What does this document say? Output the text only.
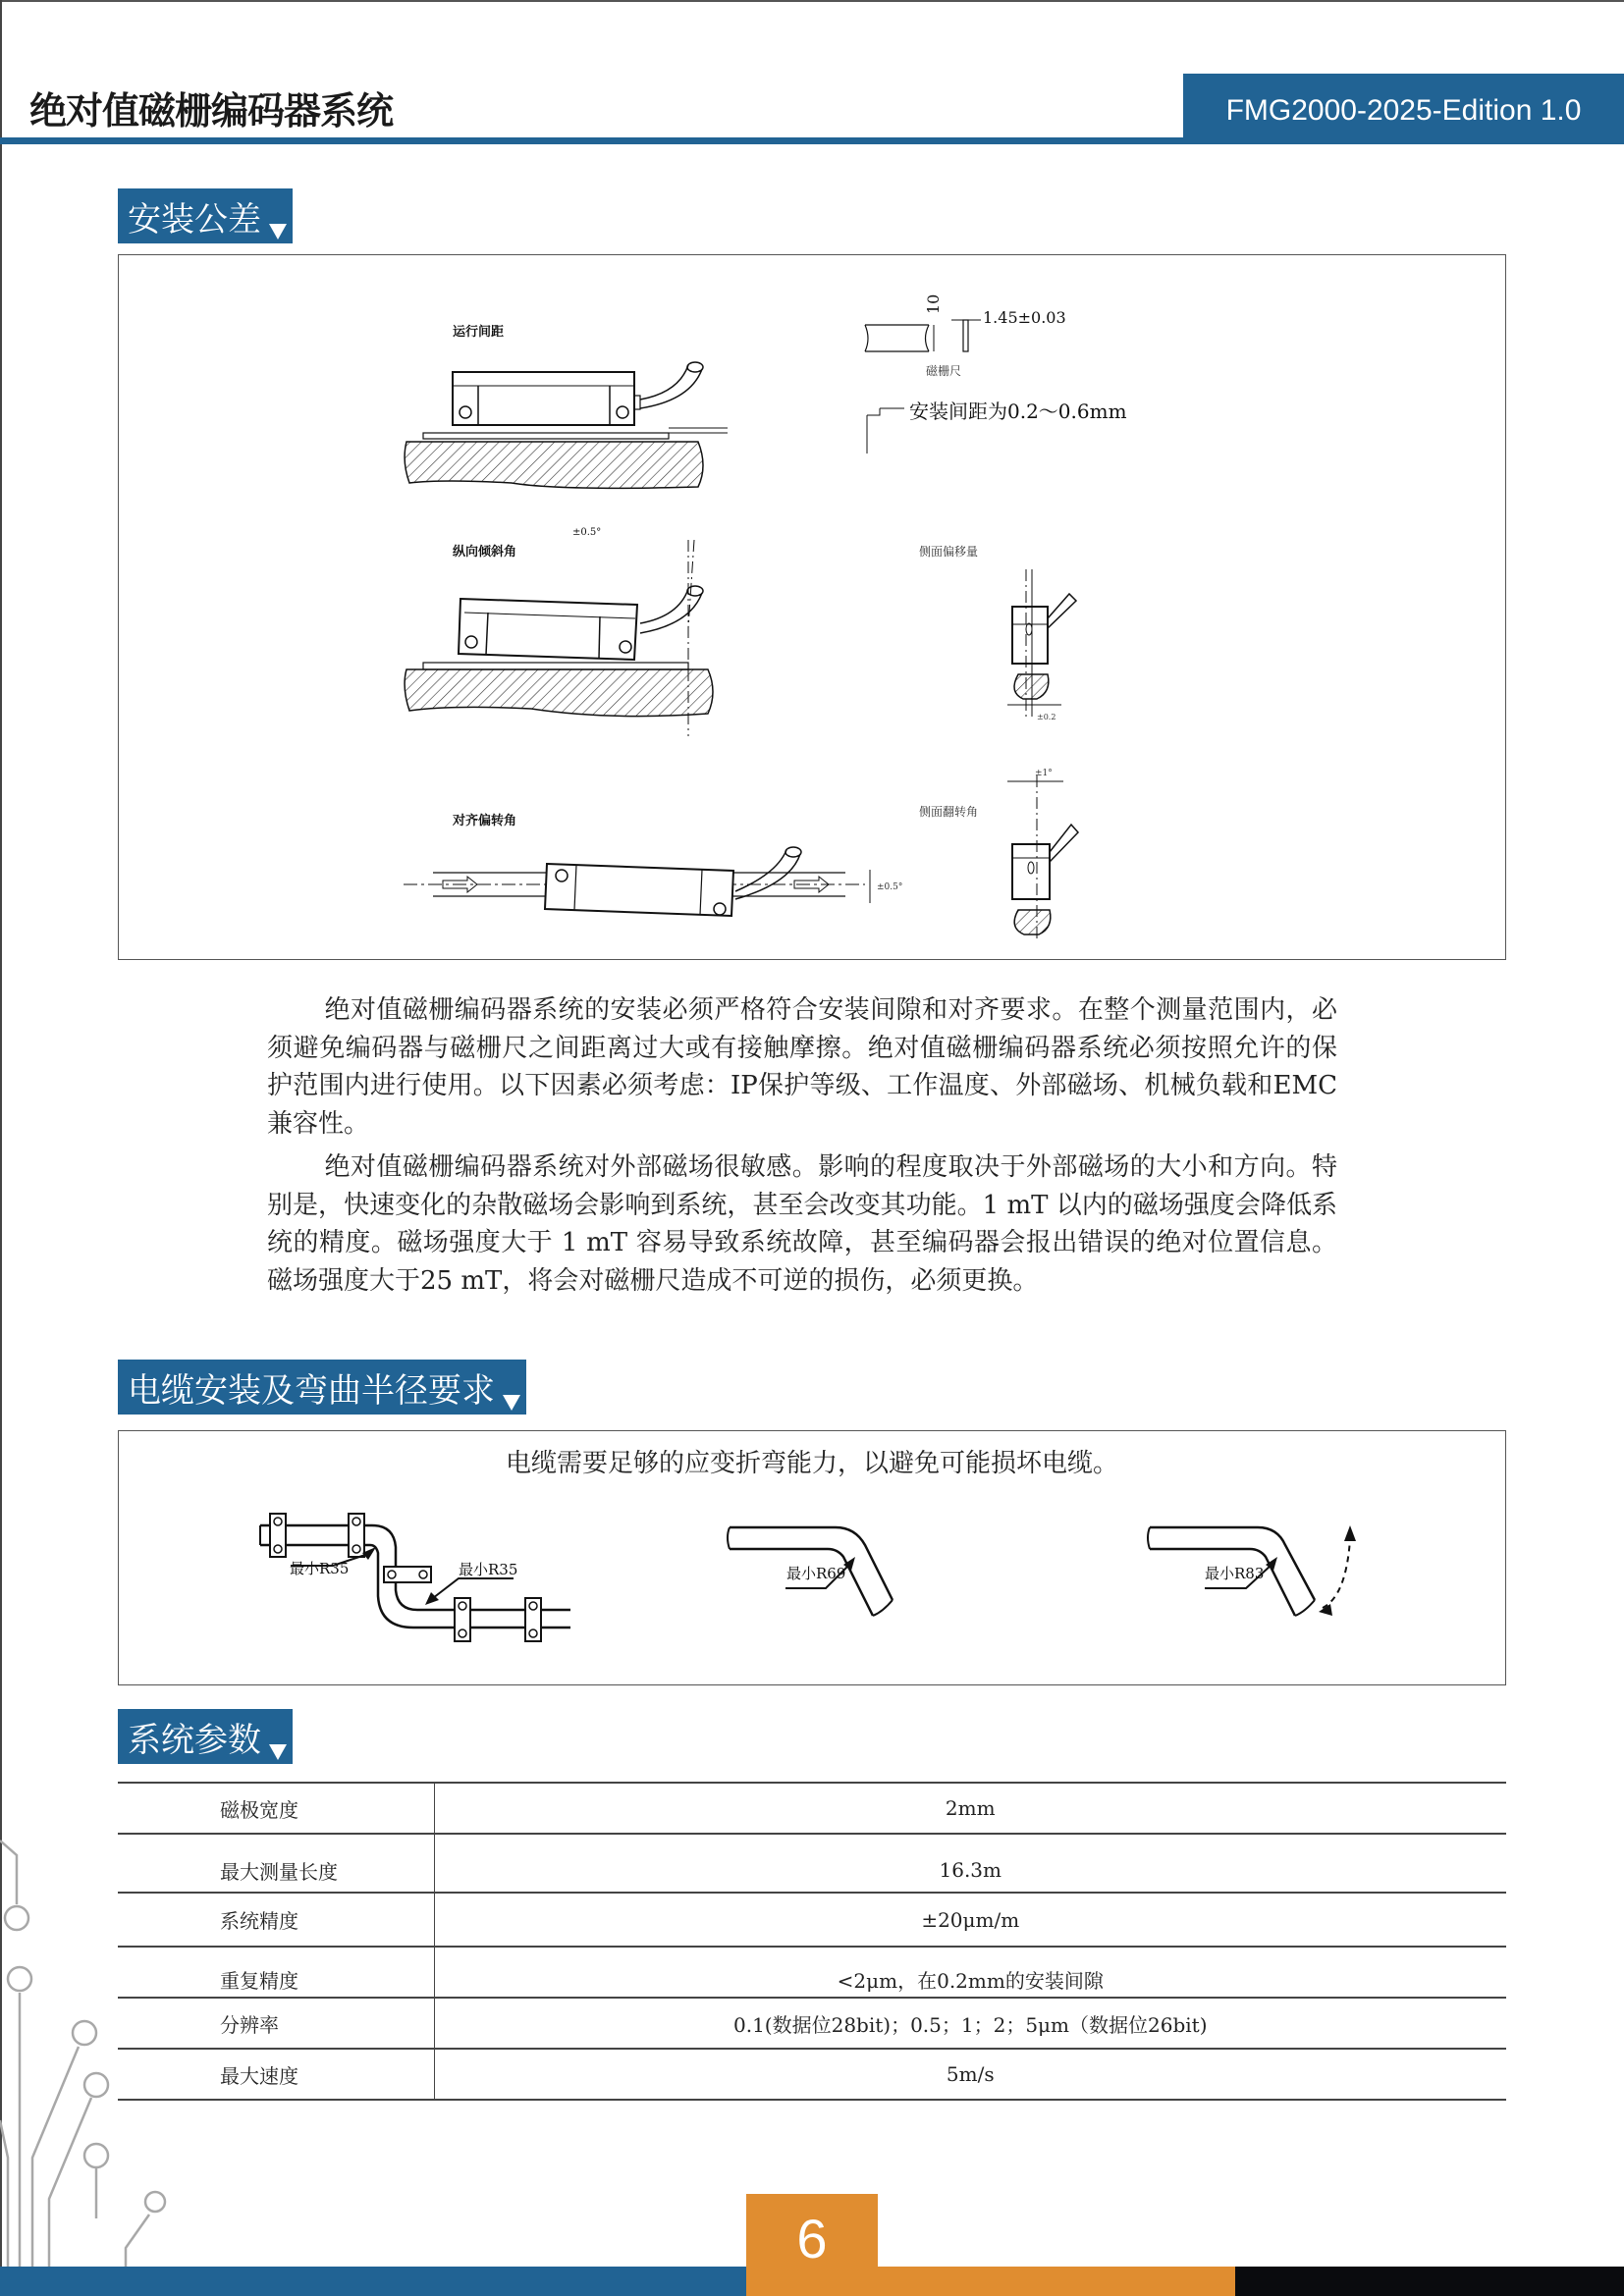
绝对值磁栅编码器系统	FMG2000-2025-Edition 1.0
安装公差
安装间距为0.2～0.6mm
运行间距
10
1.45±0.03
磁栅尺
纵向倾斜角
±0.5°
侧面偏移量
±0.2
对齐偏转角
±0.5°
侧面翻转角
±1°

绝对值磁栅编码器系统的安装必须严格符合安装间隙和对齐要求。在整个测量范围内，必须避免编码器与磁栅尺之间距离过大或有接触摩擦。绝对值磁栅编码器系统必须按照允许的保护范围内进行使用。以下因素必须考虑：IP保护等级、工作温度、外部磁场、机械负载和EMC兼容性。

绝对值磁栅编码器系统对外部磁场很敏感。影响的程度取决于外部磁场的大小和方向。特别是，快速变化的杂散磁场会影响到系统，甚至会改变其功能。1 mT 以内的磁场强度会降低系统的精度。磁场强度大于 1 mT 容易导致系统故障，甚至编码器会报出错误的绝对位置信息。磁场强度大于25 mT，将会对磁栅尺造成不可逆的损伤，必须更换。

电缆安装及弯曲半径要求
电缆需要足够的应变折弯能力，以避免可能损坏电缆。
最小R35	最小R35	最小R69	最小R83
系统参数
磁极宽度	2mm
最大测量长度	16.3m
系统精度	±20μm/m
重复精度	<2μm，在0.2mm的安装间隙
分辨率	0.1(数据位28bit)；0.5；1；2；5μm（数据位26bit)
最大速度	5m/s
6
